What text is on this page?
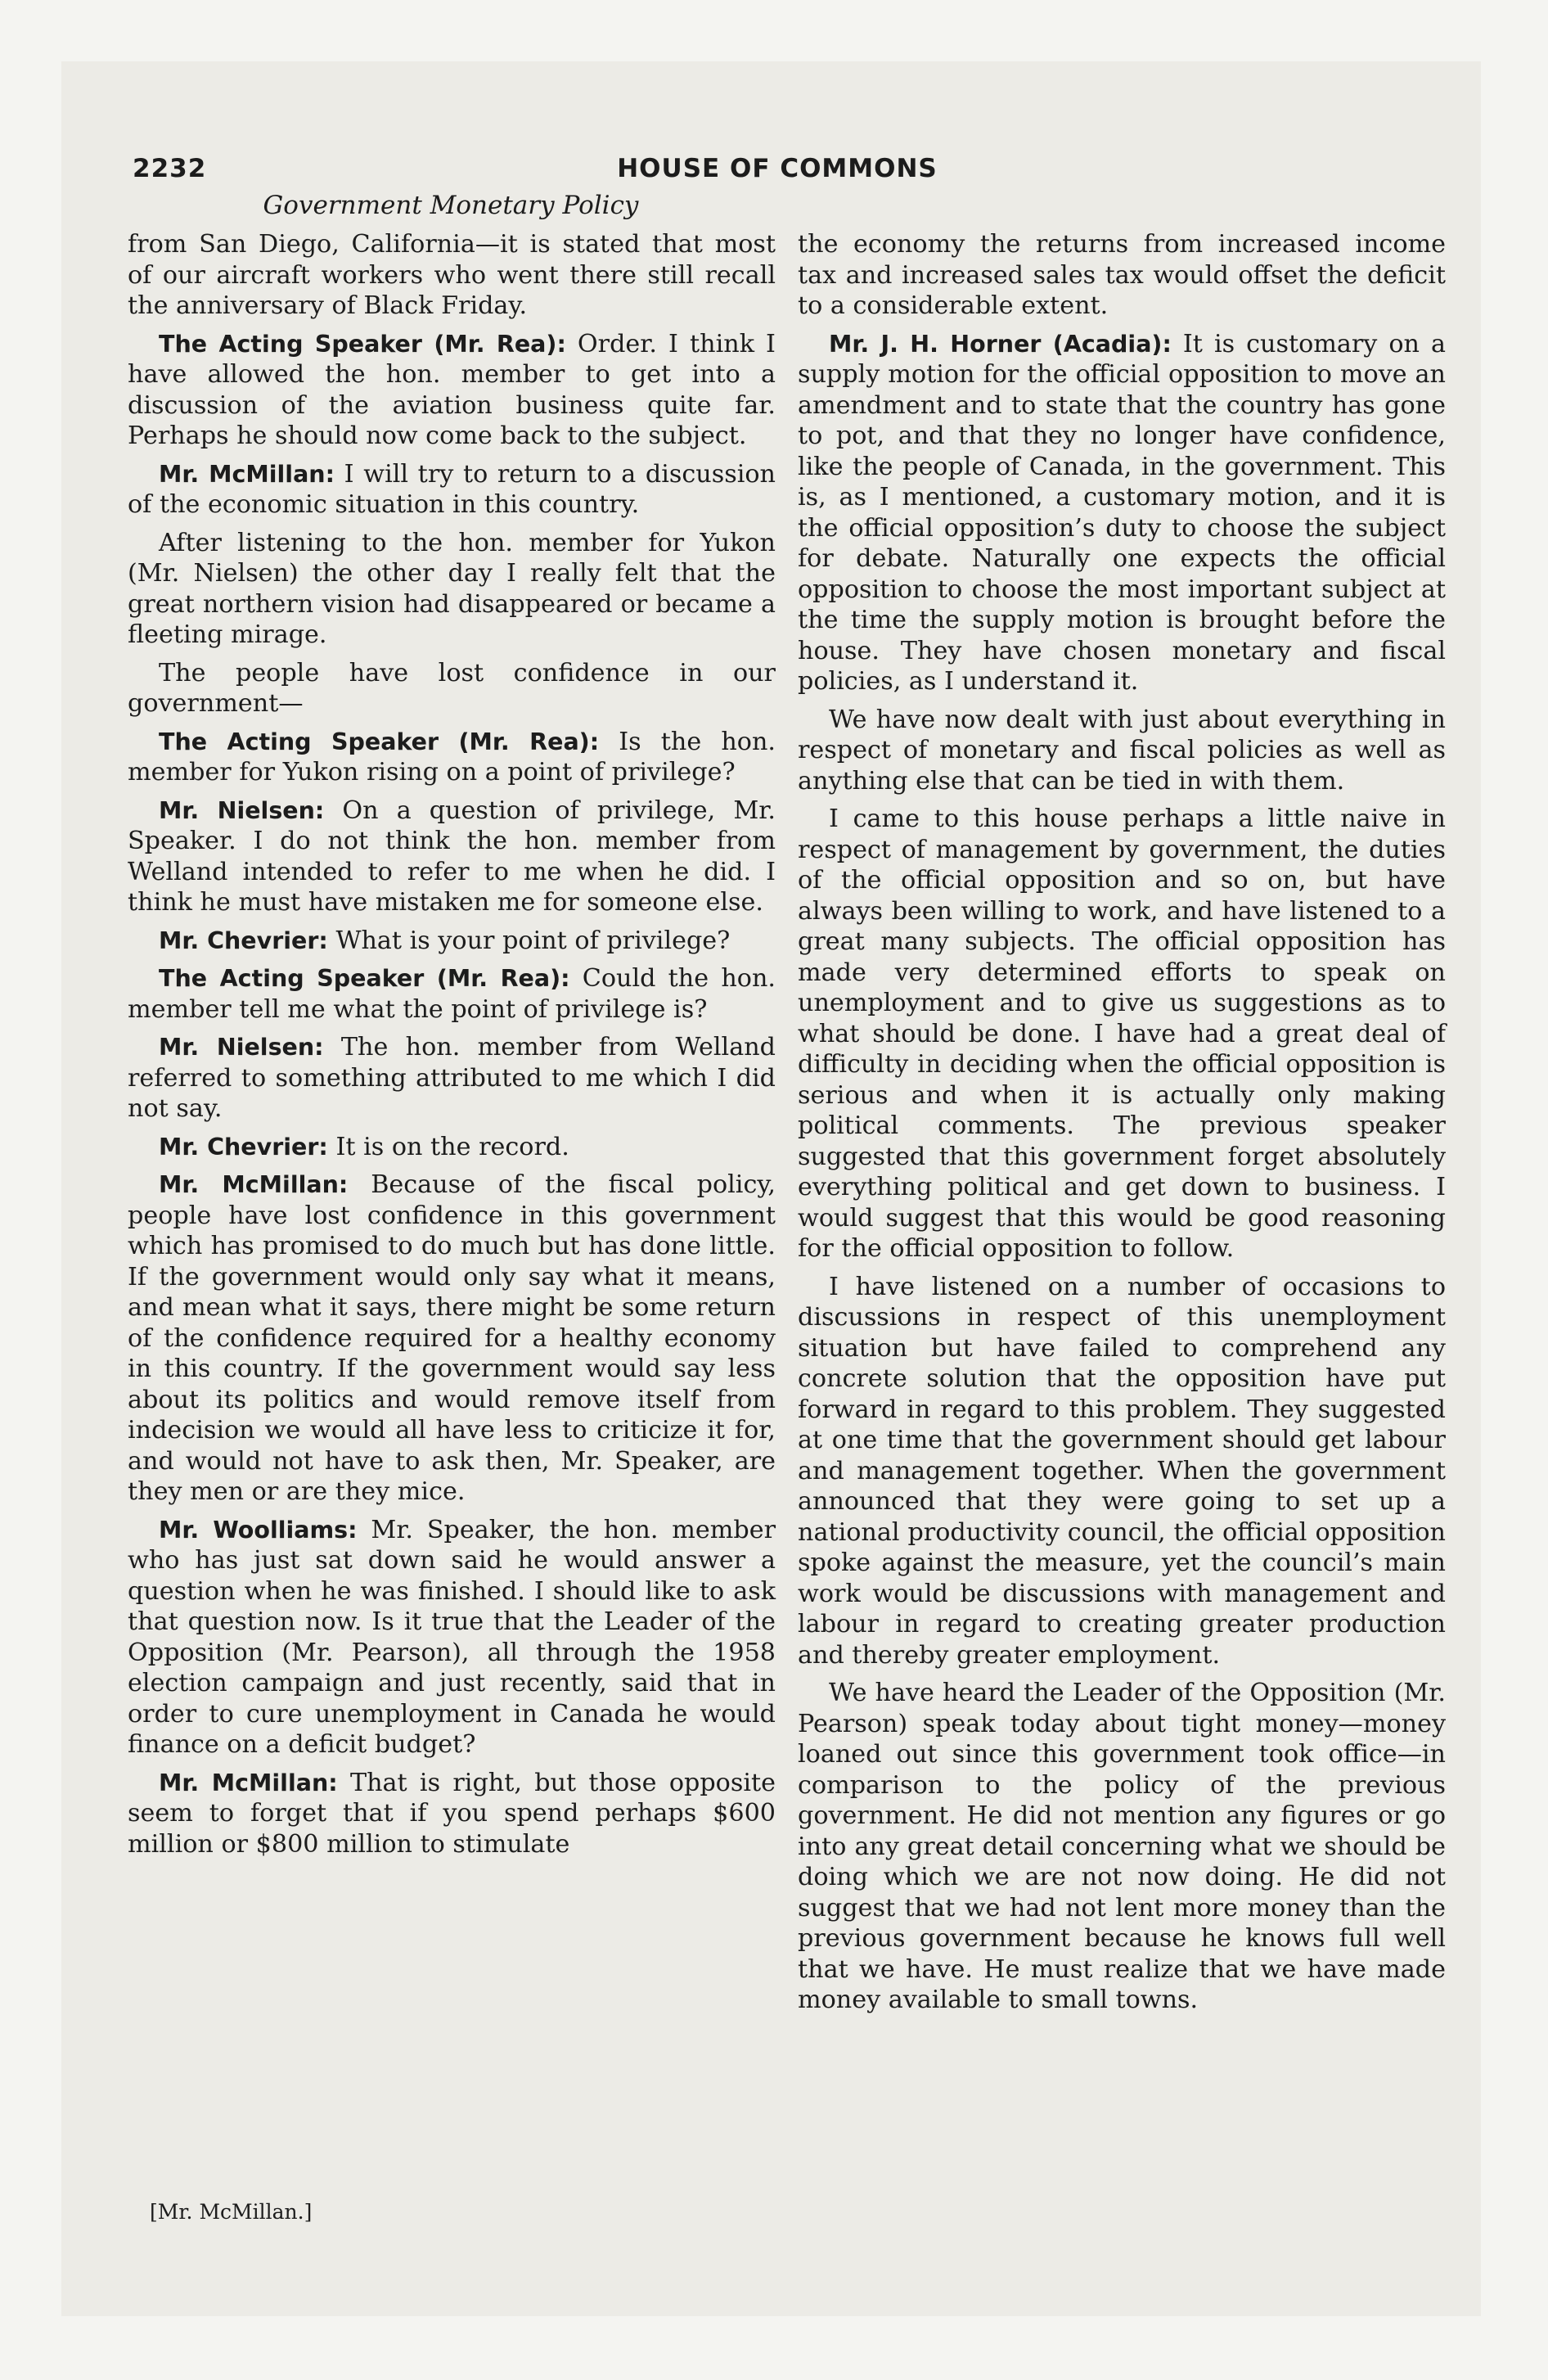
2232	HOUSE OF COMMONS
Government Monetary Policy

from San Diego, California—it is stated that most of our aircraft workers who went there still recall the anniversary of Black Friday.

The Acting Speaker (Mr. Rea): Order. I think I have allowed the hon. member to get into a discussion of the aviation business quite far. Perhaps he should now come back to the subject.

Mr. McMillan: I will try to return to a discussion of the economic situation in this country.

After listening to the hon. member for Yukon (Mr. Nielsen) the other day I really felt that the great northern vision had disappeared or became a fleeting mirage.

The people have lost confidence in our government—

The Acting Speaker (Mr. Rea): Is the hon. member for Yukon rising on a point of privilege?

Mr. Nielsen: On a question of privilege, Mr. Speaker. I do not think the hon. member from Welland intended to refer to me when he did. I think he must have mistaken me for someone else.

Mr. Chevrier: What is your point of privilege?

The Acting Speaker (Mr. Rea): Could the hon. member tell me what the point of privilege is?

Mr. Nielsen: The hon. member from Welland referred to something attributed to me which I did not say.

Mr. Chevrier: It is on the record.

Mr. McMillan: Because of the fiscal policy, people have lost confidence in this government which has promised to do much but has done little. If the government would only say what it means, and mean what it says, there might be some return of the confidence required for a healthy economy in this country. If the government would say less about its politics and would remove itself from indecision we would all have less to criticize it for, and would not have to ask then, Mr. Speaker, are they men or are they mice.

Mr. Woolliams: Mr. Speaker, the hon. member who has just sat down said he would answer a question when he was finished. I should like to ask that question now. Is it true that the Leader of the Opposition (Mr. Pearson), all through the 1958 election campaign and just recently, said that in order to cure unemployment in Canada he would finance on a deficit budget?

Mr. McMillan: That is right, but those opposite seem to forget that if you spend perhaps $600 million or $800 million to stimulate

the economy the returns from increased income tax and increased sales tax would offset the deficit to a considerable extent.

Mr. J. H. Horner (Acadia): It is customary on a supply motion for the official opposition to move an amendment and to state that the country has gone to pot, and that they no longer have confidence, like the people of Canada, in the government. This is, as I mentioned, a customary motion, and it is the official opposition’s duty to choose the subject for debate. Naturally one expects the official opposition to choose the most important subject at the time the supply motion is brought before the house. They have chosen monetary and fiscal policies, as I understand it.

We have now dealt with just about everything in respect of monetary and fiscal policies as well as anything else that can be tied in with them.

I came to this house perhaps a little naive in respect of management by government, the duties of the official opposition and so on, but have always been willing to work, and have listened to a great many subjects. The official opposition has made very determined efforts to speak on unemployment and to give us suggestions as to what should be done. I have had a great deal of difficulty in deciding when the official opposition is serious and when it is actually only making political comments. The previous speaker suggested that this government forget absolutely everything political and get down to business. I would suggest that this would be good reasoning for the official opposition to follow.

I have listened on a number of occasions to discussions in respect of this unemployment situation but have failed to comprehend any concrete solution that the opposition have put forward in regard to this problem. They suggested at one time that the government should get labour and management together. When the government announced that they were going to set up a national productivity council, the official opposition spoke against the measure, yet the council’s main work would be discussions with management and labour in regard to creating greater production and thereby greater employment.

We have heard the Leader of the Opposition (Mr. Pearson) speak today about tight money—money loaned out since this government took office—in comparison to the policy of the previous government. He did not mention any figures or go into any great detail concerning what we should be doing which we are not now doing. He did not suggest that we had not lent more money than the previous government because he knows full well that we have. He must realize that we have made money available to small towns.

[Mr. McMillan.]
